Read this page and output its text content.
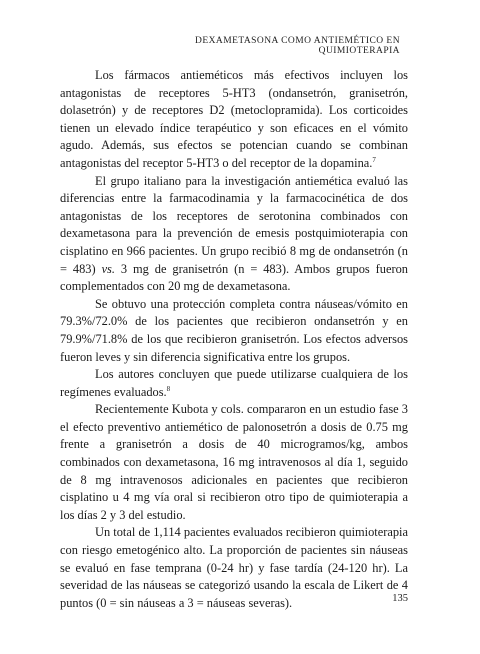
DEXAMETASONA COMO ANTIEMÉTICO EN QUIMIOTERAPIA

Los fármacos antieméticos más efectivos incluyen los antagonistas de receptores 5-HT3 (ondansetrón, granisetrón, dolasetrón) y de receptores D2 (metoclopramida). Los corticoides tienen un elevado índice terapéutico y son eficaces en el vómito agudo. Además, sus efectos se potencian cuando se combinan antagonistas del receptor 5-HT3 o del receptor de la dopamina.$^7$

El grupo italiano para la investigación antiemética evaluó las diferencias entre la farmacodinamia y la farmacocinética de dos antagonistas de los receptores de serotonina combinados con dexametasona para la prevención de emesis postquimioterapia con cisplatino en 966 pacientes. Un grupo recibió 8 mg de ondansetrón (n = 483) vs. 3 mg de granisetrón (n = 483). Ambos grupos fueron complementados con 20 mg de dexametasona.

Se obtuvo una protección completa contra náuseas/vómito en 79.3%/72.0% de los pacientes que recibieron ondansetrón y en 79.9%/71.8% de los que recibieron granisetrón. Los efectos adversos fueron leves y sin diferencia significativa entre los grupos.

Los autores concluyen que puede utilizarse cualquiera de los regímenes evaluados.$^8$

Recientemente Kubota y cols. compararon en un estudio fase 3 el efecto preventivo antiemético de palonosetrón a dosis de 0.75 mg frente a granisetrón a dosis de 40 microgramos/kg, ambos combinados con dexametasona, 16 mg intravenosos al día 1, seguido de 8 mg intravenosos adicionales en pacientes que recibieron cisplatino u 4 mg vía oral si recibieron otro tipo de quimioterapia a los días 2 y 3 del estudio.

Un total de 1,114 pacientes evaluados recibieron quimioterapia con riesgo emetogénico alto. La proporción de pacientes sin náuseas se evaluó en fase temprana (0-24 hr) y fase tardía (24-120 hr). La severidad de las náuseas se categorizó usando la escala de Likert de 4 puntos (0 = sin náuseas a 3 = náuseas severas).	135
